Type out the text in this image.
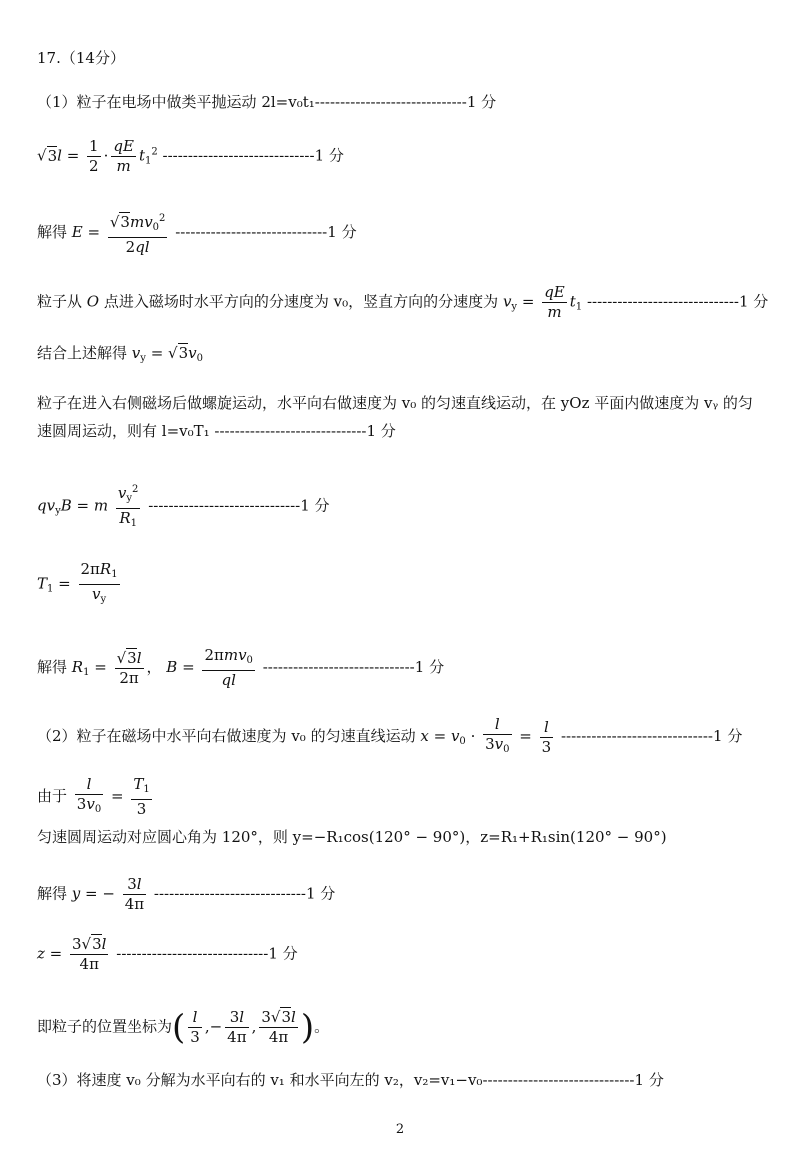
17.（14分）
（1）粒子在电场中做类平抛运动 2l=v₀t₁------------------------------1 分
$√3l = \frac{1}{2} \cdot \frac{qE}{m} t_1^2$ ------------------------------1 分
解得 $E = \frac{√3mv_0^2}{2ql} ------------------------------1$ 分
粒子从 O 点进入磁场时水平方向的分速度为 v₀，竖直方向的分速度为 $v_y = \frac{qE}{m} t_1$ ------------------------------1 分
结合上述解得 $v_y = √3v_0$
粒子在进入右侧磁场后做螺旋运动，水平向右做速度为 v₀ 的匀速直线运动，在 yOz 平面内做速度为 vᵧ 的匀
速圆周运动，则有 l=v₀T₁ ------------------------------1 分
$qv_yB = m \frac{v_y^2}{R_1} ------------------------------1$ 分
$T_1 = \frac{2\pi R_1}{v_y}$
解得 $R_1 = \frac{√3l}{2\pi}$ ， $B = \frac{2\pi mv_0}{ql} ------------------------------1$ 分
（2）粒子在磁场中水平向右做速度为 v₀ 的匀速直线运动 $x = v_0 \cdot \frac{l}{3v_0} = \frac{l}{3} ------------------------------1$ 分
由于 $\frac{l}{3v_0} = \frac{T_1}{3}$
匀速圆周运动对应圆心角为 120°，则 y=−R₁cos(120° − 90°)，z=R₁+R₁sin(120° − 90°)
解得 y = − $\frac{3l}{4\pi} ------------------------------1$ 分
$z = \frac{3√3l}{4\pi} ------------------------------1$ 分
即粒子的位置坐标为( $\frac{l}{3}$ ,− $\frac{3l}{4\pi}$ , $\frac{3√3l}{4\pi}$ )。
（3）将速度 v₀ 分解为水平向右的 v₁ 和水平向左的 v₂，v₂=v₁−v₀------------------------------1 分
2
